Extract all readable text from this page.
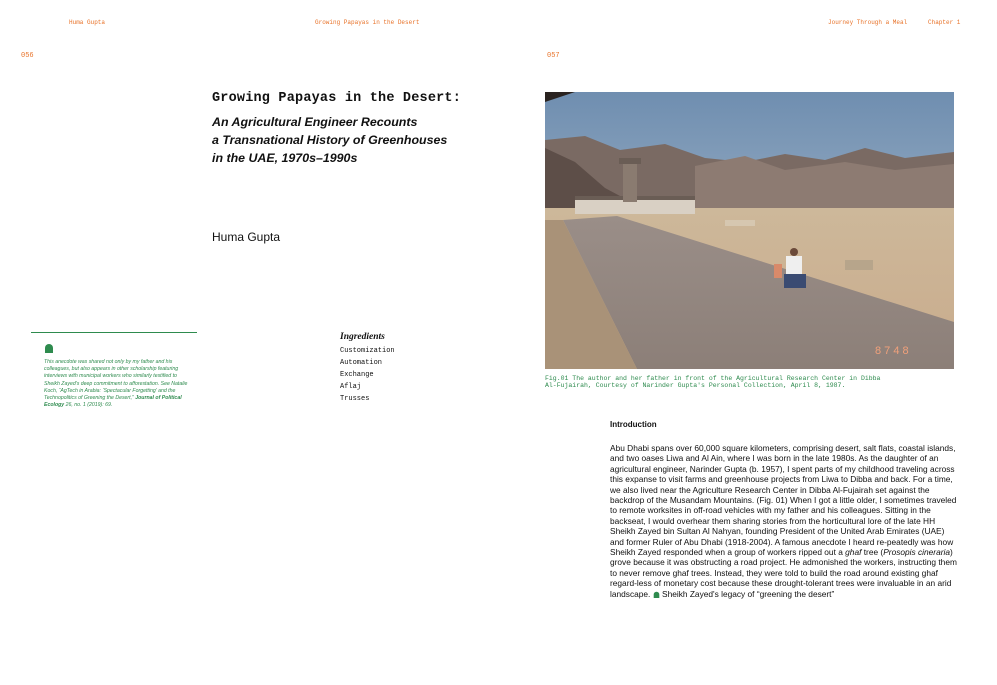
Huma Gupta	Growing Papayas in the Desert	Journey Through a Meal	Chapter 1
056	057
Growing Papayas in the Desert:
An Agricultural Engineer Recounts
a Transnational History of Greenhouses
in the UAE, 1970s–1990s
Huma Gupta
This anecdote was shared not only by my father and his colleagues, but also appears in other scholarship featuring interviews with municipal workers who similarly testified to Sheikh Zayed's deep commitment to afforestation. See Natalie Koch, “AgTech in Arabia: ‘Spectacular Forgetting’ and the Technopolitics of Greening the Desert,” Journal of Political Ecology 26, no. 1 (2019): 69.
Ingredients
Customization
Automation
Exchange
Aflaj
Trusses
8 7 4 8
Fig.01 The author and her father in front of the Agricultural Research Center in Dibba
Al-Fujairah, Courtesy of Narinder Gupta's Personal Collection, April 8, 1987.
Introduction
Abu Dhabi spans over 60,000 square kilometers, comprising desert, salt flats, coastal islands, and two oases Liwa and Al Ain, where I was born in the late 1980s. As the daughter of an agricultural engineer, Narinder Gupta (b. 1957), I spent parts of my childhood traveling across this expanse to visit farms and greenhouse projects from Liwa to Dibba and back. For a time, we also lived near the Agriculture Research Center in Dibba Al-Fujairah set against the backdrop of the Musandam Mountains. (Fig. 01) When I got a little older, I sometimes traveled to remote worksites in off-road vehicles with my father and his colleagues. Sitting in the backseat, I would overhear them sharing stories from the horticultural lore of the late HH Sheikh Zayed bin Sultan Al Nahyan, founding President of the United Arab Emirates (UAE) and former Ruler of Abu Dhabi (1918-2004). A famous anecdote I heard re-peatedly was how Sheikh Zayed responded when a group of workers ripped out a ghaf tree (Prosopis cineraria) grove because it was obstructing a road project. He admonished the workers, instructing them to never remove ghaf trees. Instead, they were told to build the road around existing ghaf regard-less of monetary cost because these drought-tolerant trees were invaluable in an arid landscape.  Sheikh Zayed's legacy of “greening the desert”
